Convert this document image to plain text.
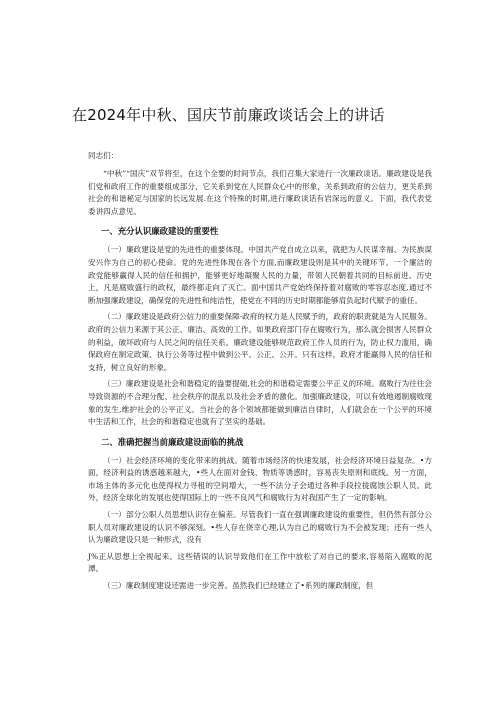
在2024年中秋、国庆节前廉政谈话会上的讲话

同志们：

“中秋”“国庆”双节将至，在这个全要的时间节点，我们召集大家进行一次廉政谈话。廉政建设是我们党和政府工作的重要组成部分，它关系到党在人民群众心中的形象，关系到政府的公信力，更关系到社会的和谐秘定与国家的长远发展.在这个特殊的时期,进行廉政谈话有岩深远的意义。下面，我代表党委讲四点意见。

一、充分认识廉政建设的重要性

（一）廉政建设是党的先进性的重要体现。中国共产党自成立以来，就把为人民谋幸福、为民族谋安兴作为自己的初心使命。党的先进性体现在各个方面,而廉政建设则是其中的关键环节。一个廉洁的政党能够赢得人民的信任和拥护，能够更好地凝聚人民的力量，带领人民朝着共同的目标前进。历史上，凡是腐败盛行的政权，最终都走向了灭亡。面中国共产党始终保持着对腐败的零容忍态度,通过不断加强廉政建设，确保党的先进性和纯洁性，使党在不同的历史时期都能够肩负起时代赋予的重任。

（二）廉政建设是政府公信力的重要保障·政府的权力是人民赋予的，政府的职责就是为人民服务。政府的公信力来源于其公正、廉洁、高效的工作。如果政府部门存在腐败行为，那么就会损害人民群众的利益，破坏政府与人民之间的信任关系。廉政建设能够规范政府工作人员的行为，防止权力滥用，确保政府在制定政策、执行公务等过程中做到公平、公正、公开。只有这样，政府才能赢得人民的信任和支持，树立良好的形象。

（三）廉政建设是社会和谐稳定的盎要提础,社会的和谐稳定需要公平正义的环境。腐败行为往往会导致资源的不合理分配、社会秩序的混乱以及社会矛盾的激化。加强廉政建设，可以有效地遏制腐败现象的发生,维护社会的公平正义。当社会的各个领域都能做到廉洁自律时，人们就会在一个公平的环境中生活和工作，社会的和谐稳定也就有了坚实的基础。

二、准确把握当前廉政建设面临的挑战

（一）社会经济环境的变化带来的挑战。随着市场经济的快速发展，社会经济环境日益复杂。•方面，经济利益的诱惑越来越大，•些人在面对金钱、物质等诱惑时，容易丧失原则和底线。另一方面，市场主体的多元化也使得权力寻租的空间增大，一些不法分子会通过各种手段拉拢腐蚀公职人员。此外，经济全球化的发展也使得国际上的一些不良风气和腐败行为对我国产生了一定的影响。

（一）部分公职人员思想认识存在偏差。尽管我们一直在强调廉政建设的重要性，但仍然有部分公职人员对廉政建设的认识不够深刻。•些人存在侥幸心理,认为自己的腐败行为不会被发现；还有一些人认为廉政建设只是一种形式，没有

J%正从思想上全视起来。这些错误的认识导致他们在工作中放松了对自己的要求,容易陷入腐败的泥潭。

（三）廉政制度建设还需进一步完善。虽然我们已经建立了•系列的廉政制度，但
